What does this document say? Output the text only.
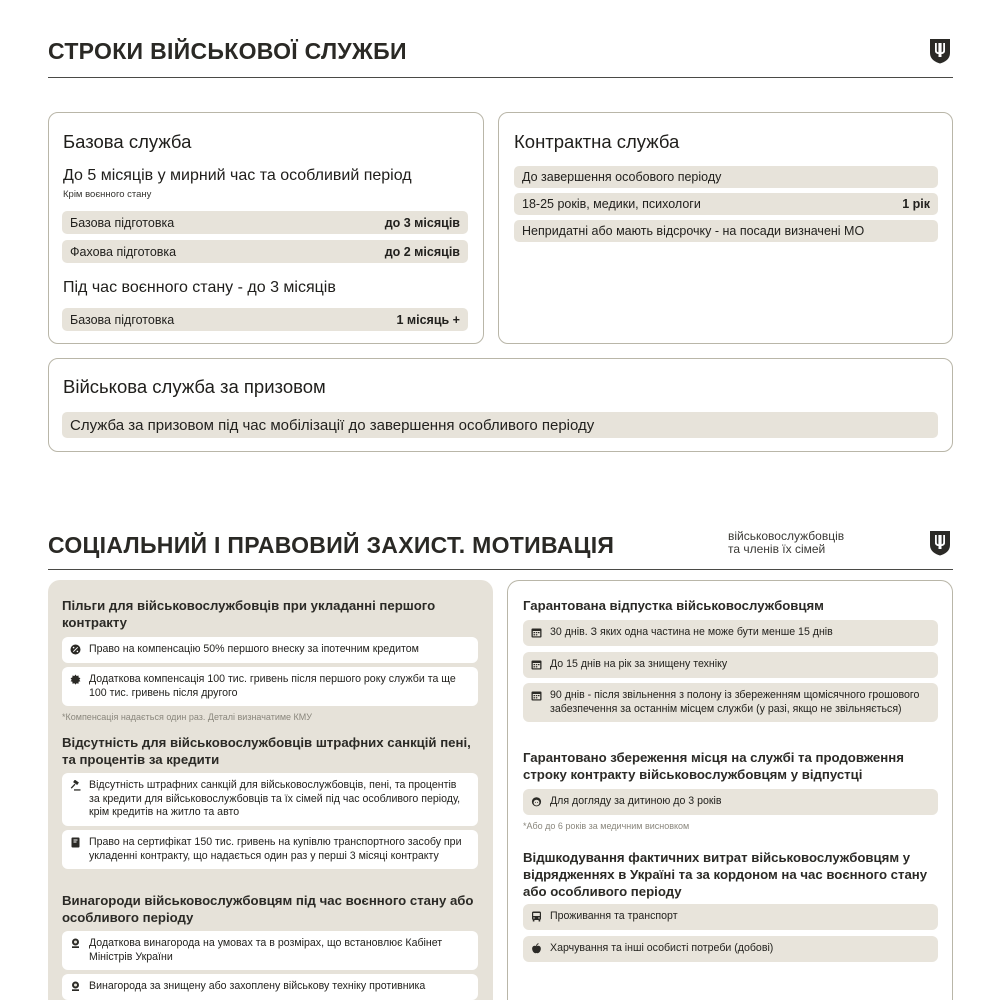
СТРОКИ ВІЙСЬКОВОЇ СЛУЖБИ
Базова служба
До 5 місяців у мирний час та особливий період
Крім воєнного стану
Базова підготовка	до 3 місяців
Фахова підготовка	до 2 місяців
Під час воєнного стану - до 3 місяців
Базова підготовка	1 місяць +
Контрактна служба
До завершення особового періоду
18-25 років, медики, психологи	1 рік
Непридатні або мають відсрочку - на посади визначені МО
Військова служба за призовом
Служба за призовом під час мобілізації до завершення особливого періоду
СОЦІАЛЬНИЙ І ПРАВОВИЙ ЗАХИСТ. МОТИВАЦІЯ	військовослужбовців
та членів їх сімей
Пільги для військовослужбовців при укладанні першого контракту
Право на компенсацію 50% першого внеску за іпотечним кредитом
Додаткова компенсація 100 тис. гривень після першого року служби та ще 100 тис. гривень після другого
*Компенсація надається один раз. Деталі визначатиме КМУ
Відсутність для військовослужбовців штрафних санкцій пені, та процентів за кредити
Відсутність штрафних санкцій для військовослужбовців, пені, та процентів за кредити для військовослужбовців та їх сімей під час особливого періоду, крім кредитів на житло та авто
Право на сертифікат 150 тис. гривень на купівлю транспортного засобу при укладенні контракту, що надається один раз у перші 3 місяці контракту
Винагороди військовослужбовцям під час воєнного стану або особливого періоду
Додаткова винагорода на умовах та в розмірах, що встановлює Кабінет Міністрів України
Винагорода за знищену або захоплену військову техніку противника
Гарантована відпустка військовослужбовцям
30 днів. З яких одна частина не може бути менше 15 днів
До 15 днів на рік за знищену техніку
90 днів - після звільнення з полону із збереженням щомісячного грошового забезпечення за останнім місцем служби (у разі, якщо не звільняється)
Гарантовано збереження місця на службі та продовження строку контракту військовослужбовцям у відпустці
Для догляду за дитиною до 3 років
*Або до 6 років за медичним висновком
Відшкодування фактичних витрат військовослужбовцям у відрядженнях в Україні та за кордоном на час воєнного стану або особливого періоду
Проживання та транспорт
Харчування та інші особисті потреби (добові)
